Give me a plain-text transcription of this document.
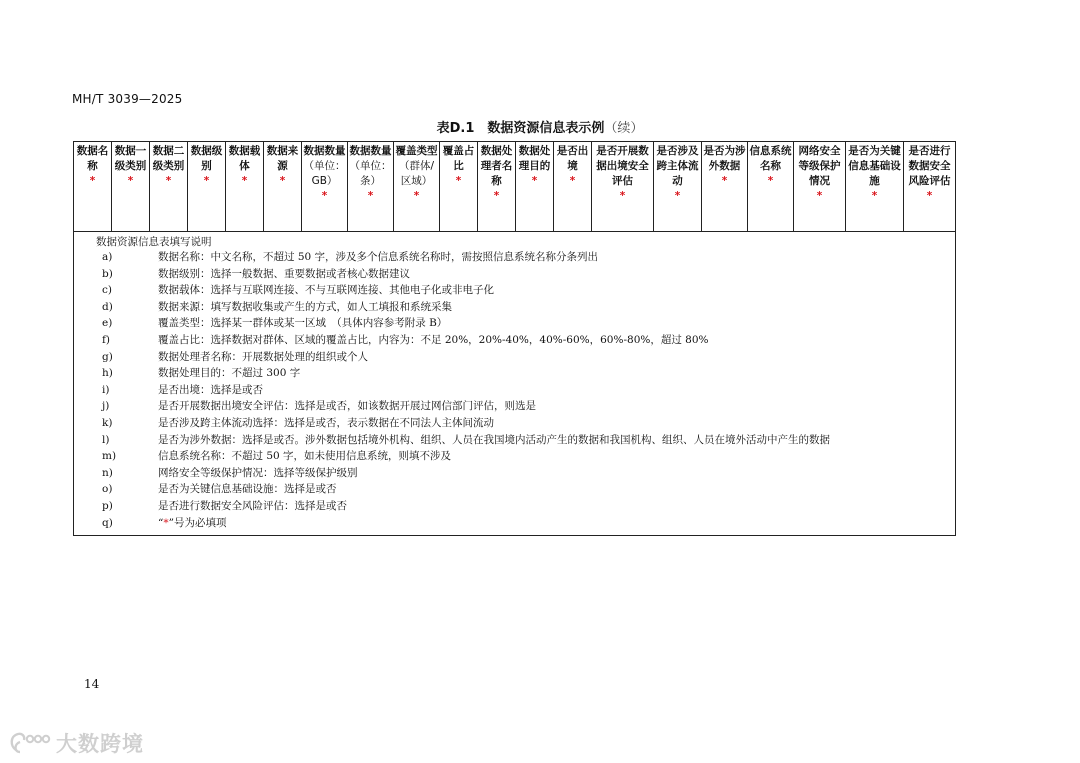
MH/T 3039—2025
表D.1　数据资源信息表示例（续）
数据名称
*
	数据一级类别
*
	数据二级类别
*
	数据级别
*
	数据载体
*
	数据来源
*
	数据数量（单位：GB）
*
	数据数量（单位：条）
*
	覆盖类型（群体/区域）
*
	覆盖占比
*
	数据处理者名称
*
	数据处理目的
*
	是否出境
*
	是否开展数据出境安全评估
*
	是否涉及跨主体流动
*
	是否为涉外数据
*
	信息系统名称
*
	网络安全等级保护情况
*
	是否为关键信息基础设施
*
	是否进行数据安全风险评估
*

数据资源信息表填写说明
a)	数据名称：中文名称，不超过 50 字，涉及多个信息系统名称时，需按照信息系统名称分条列出
b)	数据级别：选择一般数据、重要数据或者核心数据建议
c)	数据载体：选择与互联网连接、不与互联网连接、其他电子化或非电子化
d)	数据来源：填写数据收集或产生的方式，如人工填报和系统采集
e)	覆盖类型：选择某一群体或某一区域　（具体内容参考附录 B）
f)	覆盖占比：选择数据对群体、区域的覆盖占比，内容为：不足 20%，20%-40%，40%-60%，60%-80%，超过 80%
g)	数据处理者名称：开展数据处理的组织或个人
h)	数据处理目的：不超过 300 字
i)	是否出境：选择是或否
j)	是否开展数据出境安全评估：选择是或否，如该数据开展过网信部门评估，则选是
k)	是否涉及跨主体流动选择：选择是或否，表示数据在不同法人主体间流动
l)	是否为涉外数据：选择是或否。涉外数据包括境外机构、组织、人员在我国境内活动产生的数据和我国机构、组织、人员在境外活动中产生的数据
m)	信息系统名称：不超过 50 字，如未使用信息系统，则填不涉及
n)	网络安全等级保护情况：选择等级保护级别
o)	是否为关键信息基础设施：选择是或否
p)	是否进行数据安全风险评估：选择是或否
q)	“*”号为必填项
14
大数跨境
